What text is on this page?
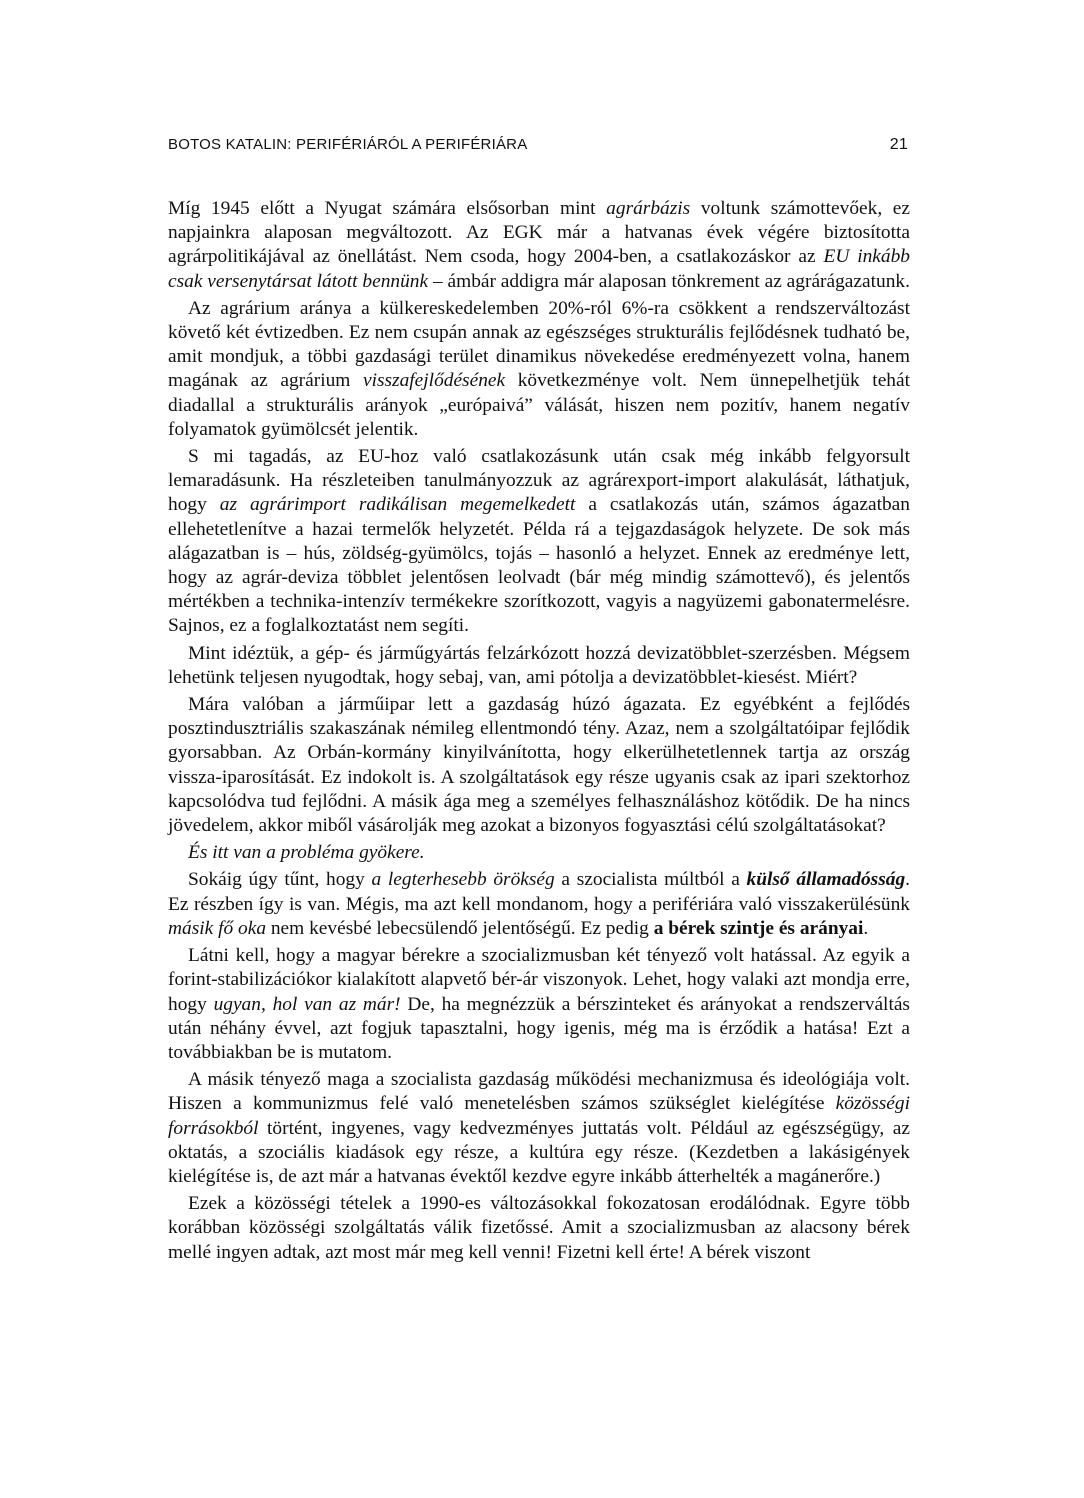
BOTOS KATALIN: PERIFÉRIÁRÓL A PERIFÉRIÁRA	21

Míg 1945 előtt a Nyugat számára elsősorban mint agrárbázis voltunk számottevőek, ez napjainkra alaposan megváltozott. Az EGK már a hatvanas évek végére biztosította agrárpolitikájával az önellátást. Nem csoda, hogy 2004-ben, a csatlakozáskor az EU inkább csak versenytársat látott bennünk – ámbár addigra már alaposan tönkrement az agrárágazatunk.

Az agrárium aránya a külkereskedelemben 20%-ról 6%-ra csökkent a rendszerváltozást követő két évtizedben. Ez nem csupán annak az egészséges strukturális fejlődésnek tudható be, amit mondjuk, a többi gazdasági terület dinamikus növekedése eredményezett volna, hanem magának az agrárium visszafejlődésének következménye volt. Nem ünnepelhetjük tehát diadallal a strukturális arányok „európaivá” válását, hiszen nem pozitív, hanem negatív folyamatok gyümölcsét jelentik.

S mi tagadás, az EU-hoz való csatlakozásunk után csak még inkább felgyorsult lemaradásunk. Ha részleteiben tanulmányozzuk az agrárexport-import alakulását, láthatjuk, hogy az agrárimport radikálisan megemelkedett a csatlakozás után, számos ágazatban ellehetetlenítve a hazai termelők helyzetét. Példa rá a tejgazdaságok helyzete. De sok más alágazatban is – hús, zöldség-gyümölcs, tojás – hasonló a helyzet. Ennek az eredménye lett, hogy az agrár-deviza többlet jelentősen leolvadt (bár még mindig számottevő), és jelentős mértékben a technika-intenzív termékekre szorítkozott, vagyis a nagyüzemi gabonatermelésre. Sajnos, ez a foglalkoztatást nem segíti.

Mint idéztük, a gép- és járműgyártás felzárkózott hozzá devizatöbblet-szerzésben. Mégsem lehetünk teljesen nyugodtak, hogy sebaj, van, ami pótolja a devizatöbblet-kiesést. Miért?

Mára valóban a járműipar lett a gazdaság húzó ágazata. Ez egyébként a fejlődés posztindusztriális szakaszának némileg ellentmondó tény. Azaz, nem a szolgáltatóipar fejlődik gyorsabban. Az Orbán-kormány kinyilvánította, hogy elkerülhetetlennek tartja az ország vissza-iparosítását. Ez indokolt is. A szolgáltatások egy része ugyanis csak az ipari szektorhoz kapcsolódva tud fejlődni. A másik ága meg a személyes felhasználáshoz kötődik. De ha nincs jövedelem, akkor miből vásárolják meg azokat a bizonyos fogyasztási célú szolgáltatásokat?

És itt van a probléma gyökere.

Sokáig úgy tűnt, hogy a legterhesebb örökség a szocialista múltból a külső államadósság. Ez részben így is van. Mégis, ma azt kell mondanom, hogy a perifériára való visszakerülésünk másik fő oka nem kevésbé lebecsülendő jelentőségű. Ez pedig a bérek szintje és arányai.

Látni kell, hogy a magyar bérekre a szocializmusban két tényező volt hatással. Az egyik a forint-stabilizációkor kialakított alapvető bér-ár viszonyok. Lehet, hogy valaki azt mondja erre, hogy ugyan, hol van az már! De, ha megnézzük a bérszinteket és arányokat a rendszerváltás után néhány évvel, azt fogjuk tapasztalni, hogy igenis, még ma is érződik a hatása! Ezt a továbbiakban be is mutatom.

A másik tényező maga a szocialista gazdaság működési mechanizmusa és ideológiája volt. Hiszen a kommunizmus felé való menetelésben számos szükséglet kielégítése közösségi forrásokból történt, ingyenes, vagy kedvezményes juttatás volt. Például az egészségügy, az oktatás, a szociális kiadások egy része, a kultúra egy része. (Kezdetben a lakásigények kielégítése is, de azt már a hatvanas évektől kezdve egyre inkább átterhelték a magánerőre.)

Ezek a közösségi tételek a 1990-es változásokkal fokozatosan erodálódnak. Egyre több korábban közösségi szolgáltatás válik fizetőssé. Amit a szocializmusban az alacsony bérek mellé ingyen adtak, azt most már meg kell venni! Fizetni kell érte! A bérek viszont
